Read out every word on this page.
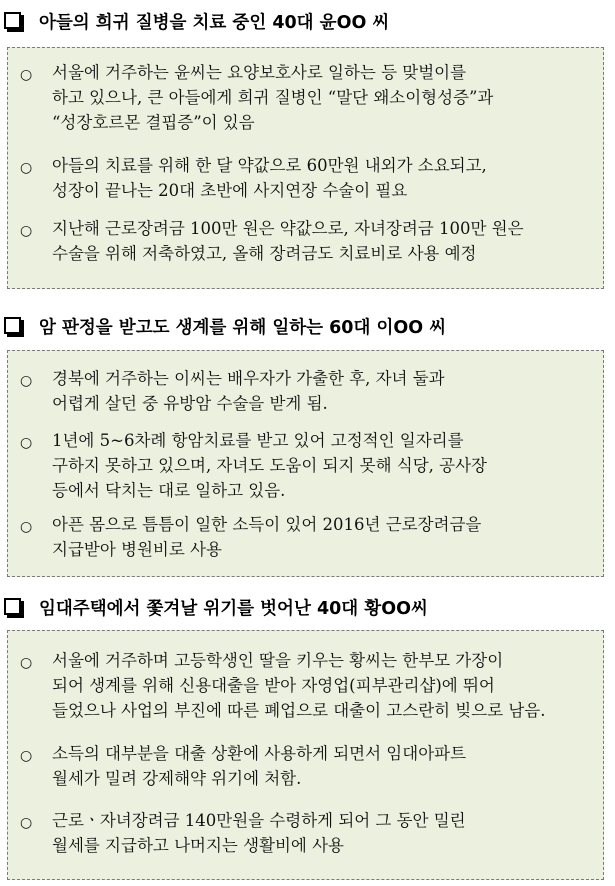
아들의 희귀 질병을 치료 중인 40대 윤OO 씨
○ 서울에 거주하는 윤씨는 요양보호사로 일하는 등 맞벌이를
하고 있으나, 큰 아들에게 희귀 질병인 “말단 왜소이형성증”과
“성장호르몬 결핍증”이 있음
○ 아들의 치료를 위해 한 달 약값으로 60만원 내외가 소요되고,
성장이 끝나는 20대 초반에 사지연장 수술이 필요
○ 지난해 근로장려금 100만 원은 약값으로, 자녀장려금 100만 원은
수술을 위해 저축하였고, 올해 장려금도 치료비로 사용 예정
암 판정을 받고도 생계를 위해 일하는 60대 이OO 씨
○ 경북에 거주하는 이씨는 배우자가 가출한 후, 자녀 둘과
어렵게 살던 중 유방암 수술을 받게 됨.
○ 1년에 5~6차례 항암치료를 받고 있어 고정적인 일자리를
구하지 못하고 있으며, 자녀도 도움이 되지 못해 식당, 공사장
등에서 닥치는 대로 일하고 있음.
○ 아픈 몸으로 틈틈이 일한 소득이 있어 2016년 근로장려금을
지급받아 병원비로 사용
임대주택에서 쫓겨날 위기를 벗어난 40대 황OO씨
○ 서울에 거주하며 고등학생인 딸을 키우는 황씨는 한부모 가장이
되어 생계를 위해 신용대출을 받아 자영업(피부관리샵)에 뛰어
들었으나 사업의 부진에 따른 폐업으로 대출이 고스란히 빚으로 남음.
○ 소득의 대부분을 대출 상환에 사용하게 되면서 임대아파트
월세가 밀려 강제해약 위기에 처함.
○ 근로ㆍ자녀장려금 140만원을 수령하게 되어 그 동안 밀린
월세를 지급하고 나머지는 생활비에 사용
